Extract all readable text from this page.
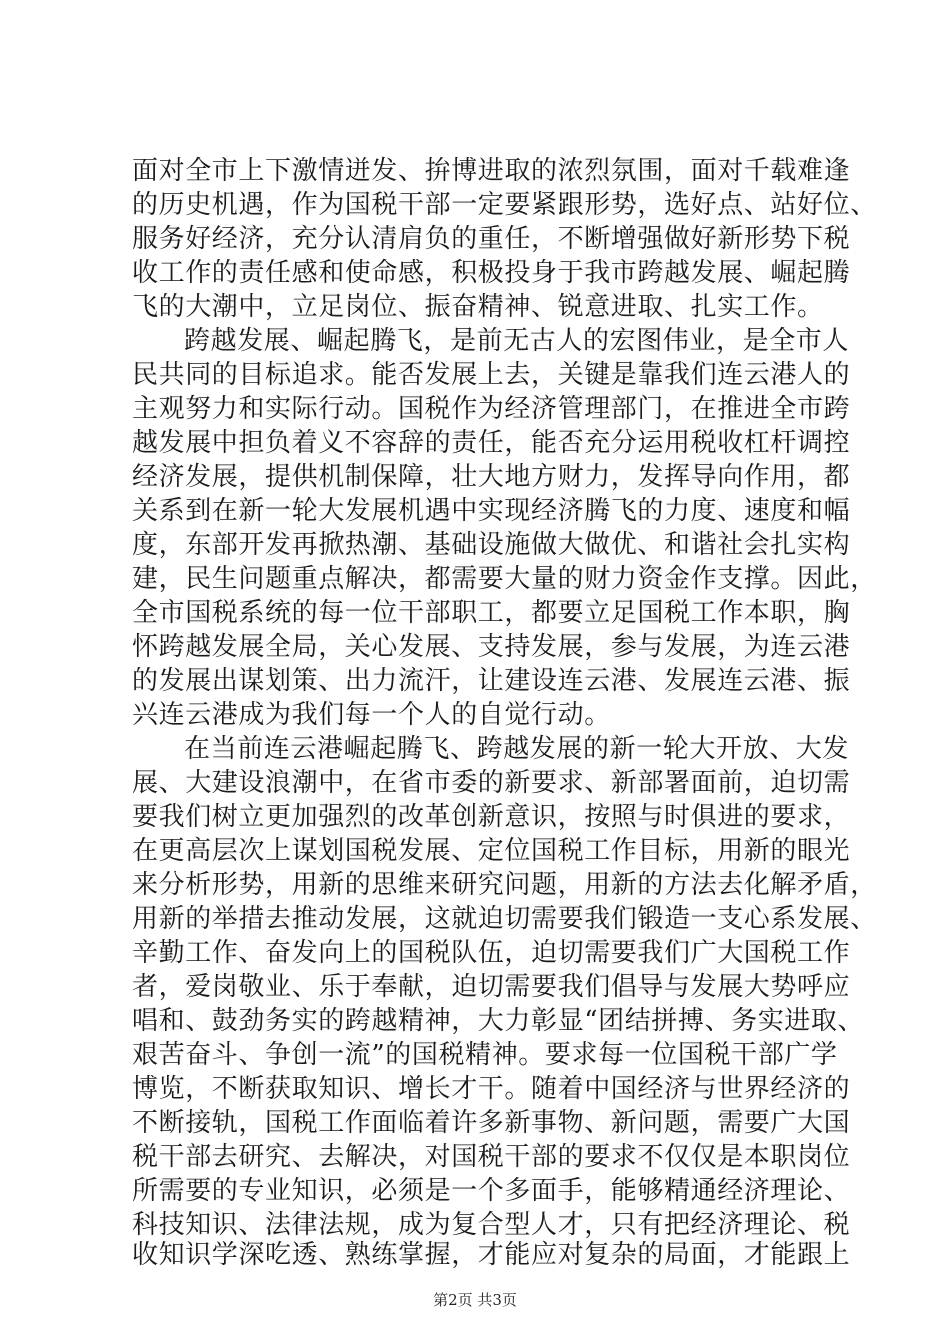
面对全市上下激情迸发、拚博进取的浓烈氛围，面对千载难逢
的历史机遇，作为国税干部一定要紧跟形势，选好点、站好位、
服务好经济，充分认清肩负的重任，不断增强做好新形势下税
收工作的责任感和使命感，积极投身于我市跨越发展、崛起腾
飞的大潮中，立足岗位、振奋精神、锐意进取、扎实工作。
跨越发展、崛起腾飞，是前无古人的宏图伟业，是全市人
民共同的目标追求。能否发展上去，关键是靠我们连云港人的
主观努力和实际行动。国税作为经济管理部门，在推进全市跨
越发展中担负着义不容辞的责任，能否充分运用税收杠杆调控
经济发展，提供机制保障，壮大地方财力，发挥导向作用，都
关系到在新一轮大发展机遇中实现经济腾飞的力度、速度和幅
度，东部开发再掀热潮、基础设施做大做优、和谐社会扎实构
建，民生问题重点解决，都需要大量的财力资金作支撑。因此，
全市国税系统的每一位干部职工，都要立足国税工作本职，胸
怀跨越发展全局，关心发展、支持发展，参与发展，为连云港
的发展出谋划策、出力流汗，让建设连云港、发展连云港、振
兴连云港成为我们每一个人的自觉行动。
在当前连云港崛起腾飞、跨越发展的新一轮大开放、大发
展、大建设浪潮中，在省市委的新要求、新部署面前，迫切需
要我们树立更加强烈的改革创新意识，按照与时俱进的要求，
在更高层次上谋划国税发展、定位国税工作目标，用新的眼光
来分析形势，用新的思维来研究问题，用新的方法去化解矛盾，
用新的举措去推动发展，这就迫切需要我们锻造一支心系发展、
辛勤工作、奋发向上的国税队伍，迫切需要我们广大国税工作
者，爱岗敬业、乐于奉献，迫切需要我们倡导与发展大势呼应
唱和、鼓劲务实的跨越精神，大力彰显“团结拼搏、务实进取、
艰苦奋斗、争创一流”的国税精神。要求每一位国税干部广学
博览，不断获取知识、增长才干。随着中国经济与世界经济的
不断接轨，国税工作面临着许多新事物、新问题，需要广大国
税干部去研究、去解决，对国税干部的要求不仅仅是本职岗位
所需要的专业知识，必须是一个多面手，能够精通经济理论、
科技知识、法律法规，成为复合型人才，只有把经济理论、税
第2页 共3页
收知识学深吃透、熟练掌握，才能应对复杂的局面，才能跟上
